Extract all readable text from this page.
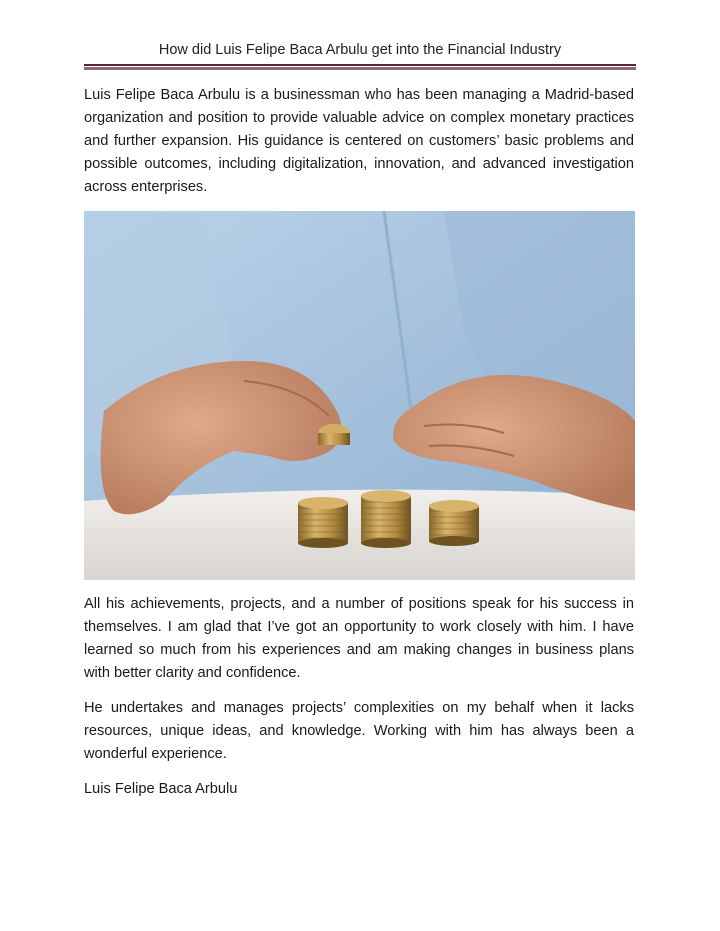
How did Luis Felipe Baca Arbulu get into the Financial Industry

Luis Felipe Baca Arbulu is a businessman who has been managing a Madrid-based organization and position to provide valuable advice on complex monetary practices and further expansion. His guidance is centered on customers’ basic problems and possible outcomes, including digitalization, innovation, and advanced investigation across enterprises.

All his achievements, projects, and a number of positions speak for his success in themselves. I am glad that I’ve got an opportunity to work closely with him. I have learned so much from his experiences and am making changes in business plans with better clarity and confidence.

He undertakes and manages projects’ complexities on my behalf when it lacks resources, unique ideas, and knowledge. Working with him has always been a wonderful experience.

Luis Felipe Baca Arbulu
